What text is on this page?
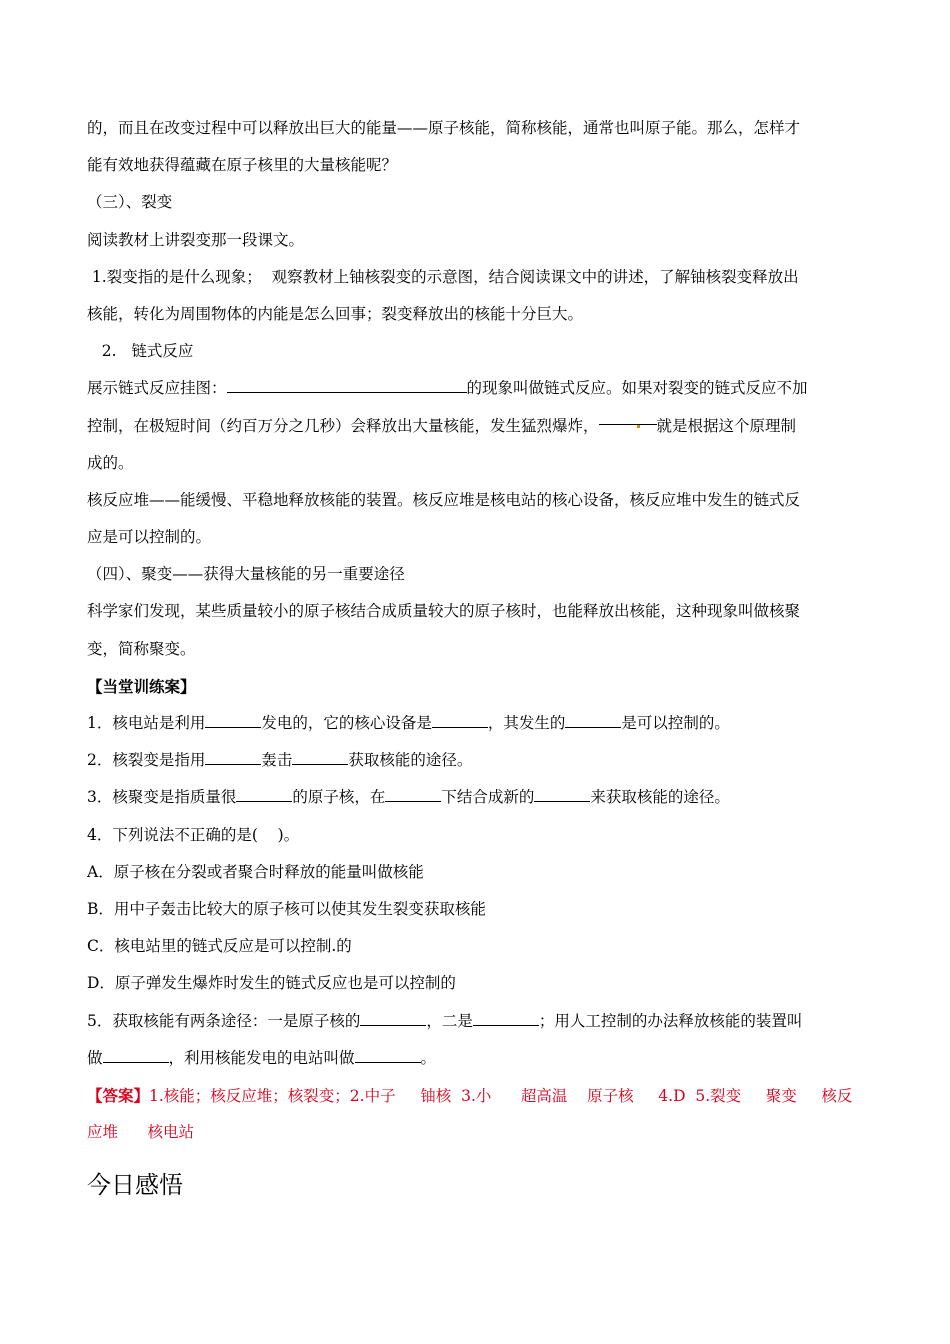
的，而且在改变过程中可以释放出巨大的能量——原子核能，简称核能，通常也叫原子能。那么，怎样才
能有效地获得蕴藏在原子核里的大量核能呢？
（三）、裂变
阅读教材上讲裂变那一段课文。
1.裂变指的是什么现象；  观察教材上铀核裂变的示意图，结合阅读课文中的讲述，了解铀核裂变释放出
核能，转化为周围物体的内能是怎么回事；裂变释放出的核能十分巨大。
2.   链式反应
展示链式反应挂图：	的现象叫做链式反应。如果对裂变的链式反应不加
控制，在极短时间（约百万分之几秒）会释放出大量核能，发生猛烈爆炸，	就是根据这个原理制
成的。
核反应堆——能缓慢、平稳地释放核能的装置。核反应堆是核电站的核心设备，核反应堆中发生的链式反
应是可以控制的。
（四）、聚变——获得大量核能的另一重要途径
科学家们发现，某些质量较小的原子核结合成质量较大的原子核时，也能释放出核能，这种现象叫做核聚
变，简称聚变。
【当堂训练案】
1．核电站是利用	发电的，它的核心设备是	，其发生的	是可以控制的。
2．核裂变是指用	轰击	获取核能的途径。
3．核聚变是指质量很	的原子核，在	下结合成新的	来获取核能的途径。
4．下列说法不正确的是(    )。
A．原子核在分裂或者聚合时释放的能量叫做核能
B．用中子轰击比较大的原子核可以使其发生裂变获取核能
C．核电站里的链式反应是可以控制.的
D．原子弹发生爆炸时发生的链式反应也是可以控制的
5．获取核能有两条途径：一是原子核的	，二是	；用人工控制的办法释放核能的装置叫
做	，利用核能发电的电站叫做	。
【答案】1.核能；核反应堆；核裂变；2.中子     铀核  3.小      超高温    原子核     4.D  5.裂变     聚变     核反
应堆      核电站
今日感悟
